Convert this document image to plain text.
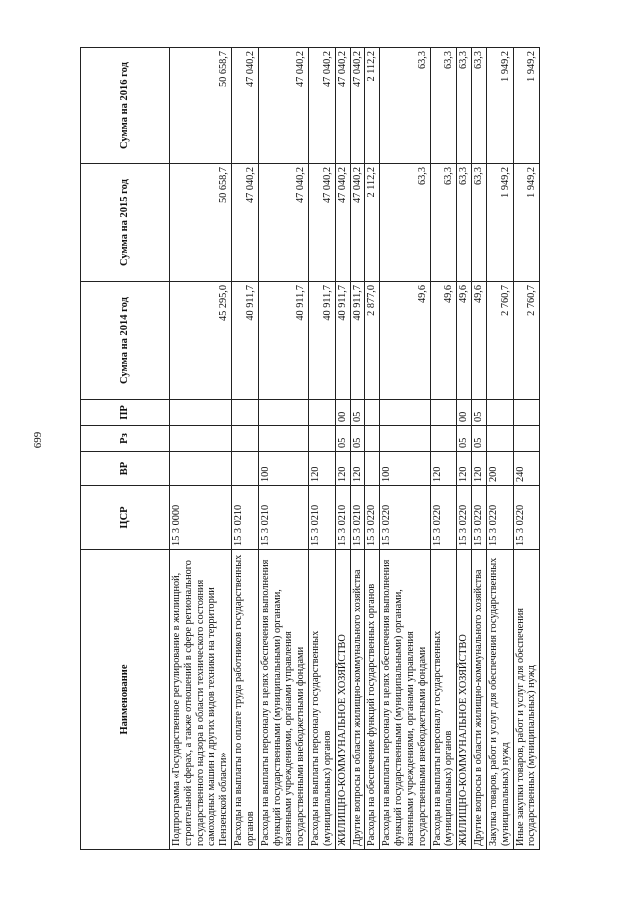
699
Наименование	ЦСР	ВР	Рз	ПР	Сумма на 2014 год	Сумма на 2015 год	Сумма на 2016 год
Подпрограмма «Государственное регулирование в жилищной, строительной сферах, а также отношений в сфере регионального государственного надзора в области технического состояния самоходных машин и других видов техники на территории Пензенской области»	15 3 0000				45 295,0	50 658,7	50 658,7
Расходы на выплаты по оплате труда работников государственных органов	15 3 0210				40 911,7	47 040,2	47 040,2
Расходы на выплаты персоналу в целях обеспечения выполнения функций государственными (муниципальными) органами, казенными учреждениями, органами управления государственными внебюджетными фондами	15 3 0210	100			40 911,7	47 040,2	47 040,2
Расходы на выплаты персоналу государственных (муниципальных) органов	15 3 0210	120			40 911,7	47 040,2	47 040,2
ЖИЛИЩНО-КОММУНАЛЬНОЕ ХОЗЯЙСТВО	15 3 0210	120	05	00	40 911,7	47 040,2	47 040,2
Другие вопросы в области жилищно-коммунального хозяйства	15 3 0210	120	05	05	40 911,7	47 040,2	47 040,2
Расходы на обеспечение функций государственных органов	15 3 0220				2 877,0	2 112,2	2 112,2
Расходы на выплаты персоналу в целях обеспечения выполнения функций государственными (муниципальными) органами, казенными учреждениями, органами управления государственными внебюджетными фондами	15 3 0220	100			49,6	63,3	63,3
Расходы на выплаты персоналу государственных (муниципальных) органов	15 3 0220	120			49,6	63,3	63,3
ЖИЛИЩНО-КОММУНАЛЬНОЕ ХОЗЯЙСТВО	15 3 0220	120	05	00	49,6	63,3	63,3
Другие вопросы в области жилищно-коммунального хозяйства	15 3 0220	120	05	05	49,6	63,3	63,3
Закупка товаров, работ и услуг для обеспечения государственных (муниципальных) нужд	15 3 0220	200			2 760,7	1 949,2	1 949,2
Иные закупки товаров, работ и услуг для обеспечения государственных (муниципальных) нужд	15 3 0220	240			2 760,7	1 949,2	1 949,2
